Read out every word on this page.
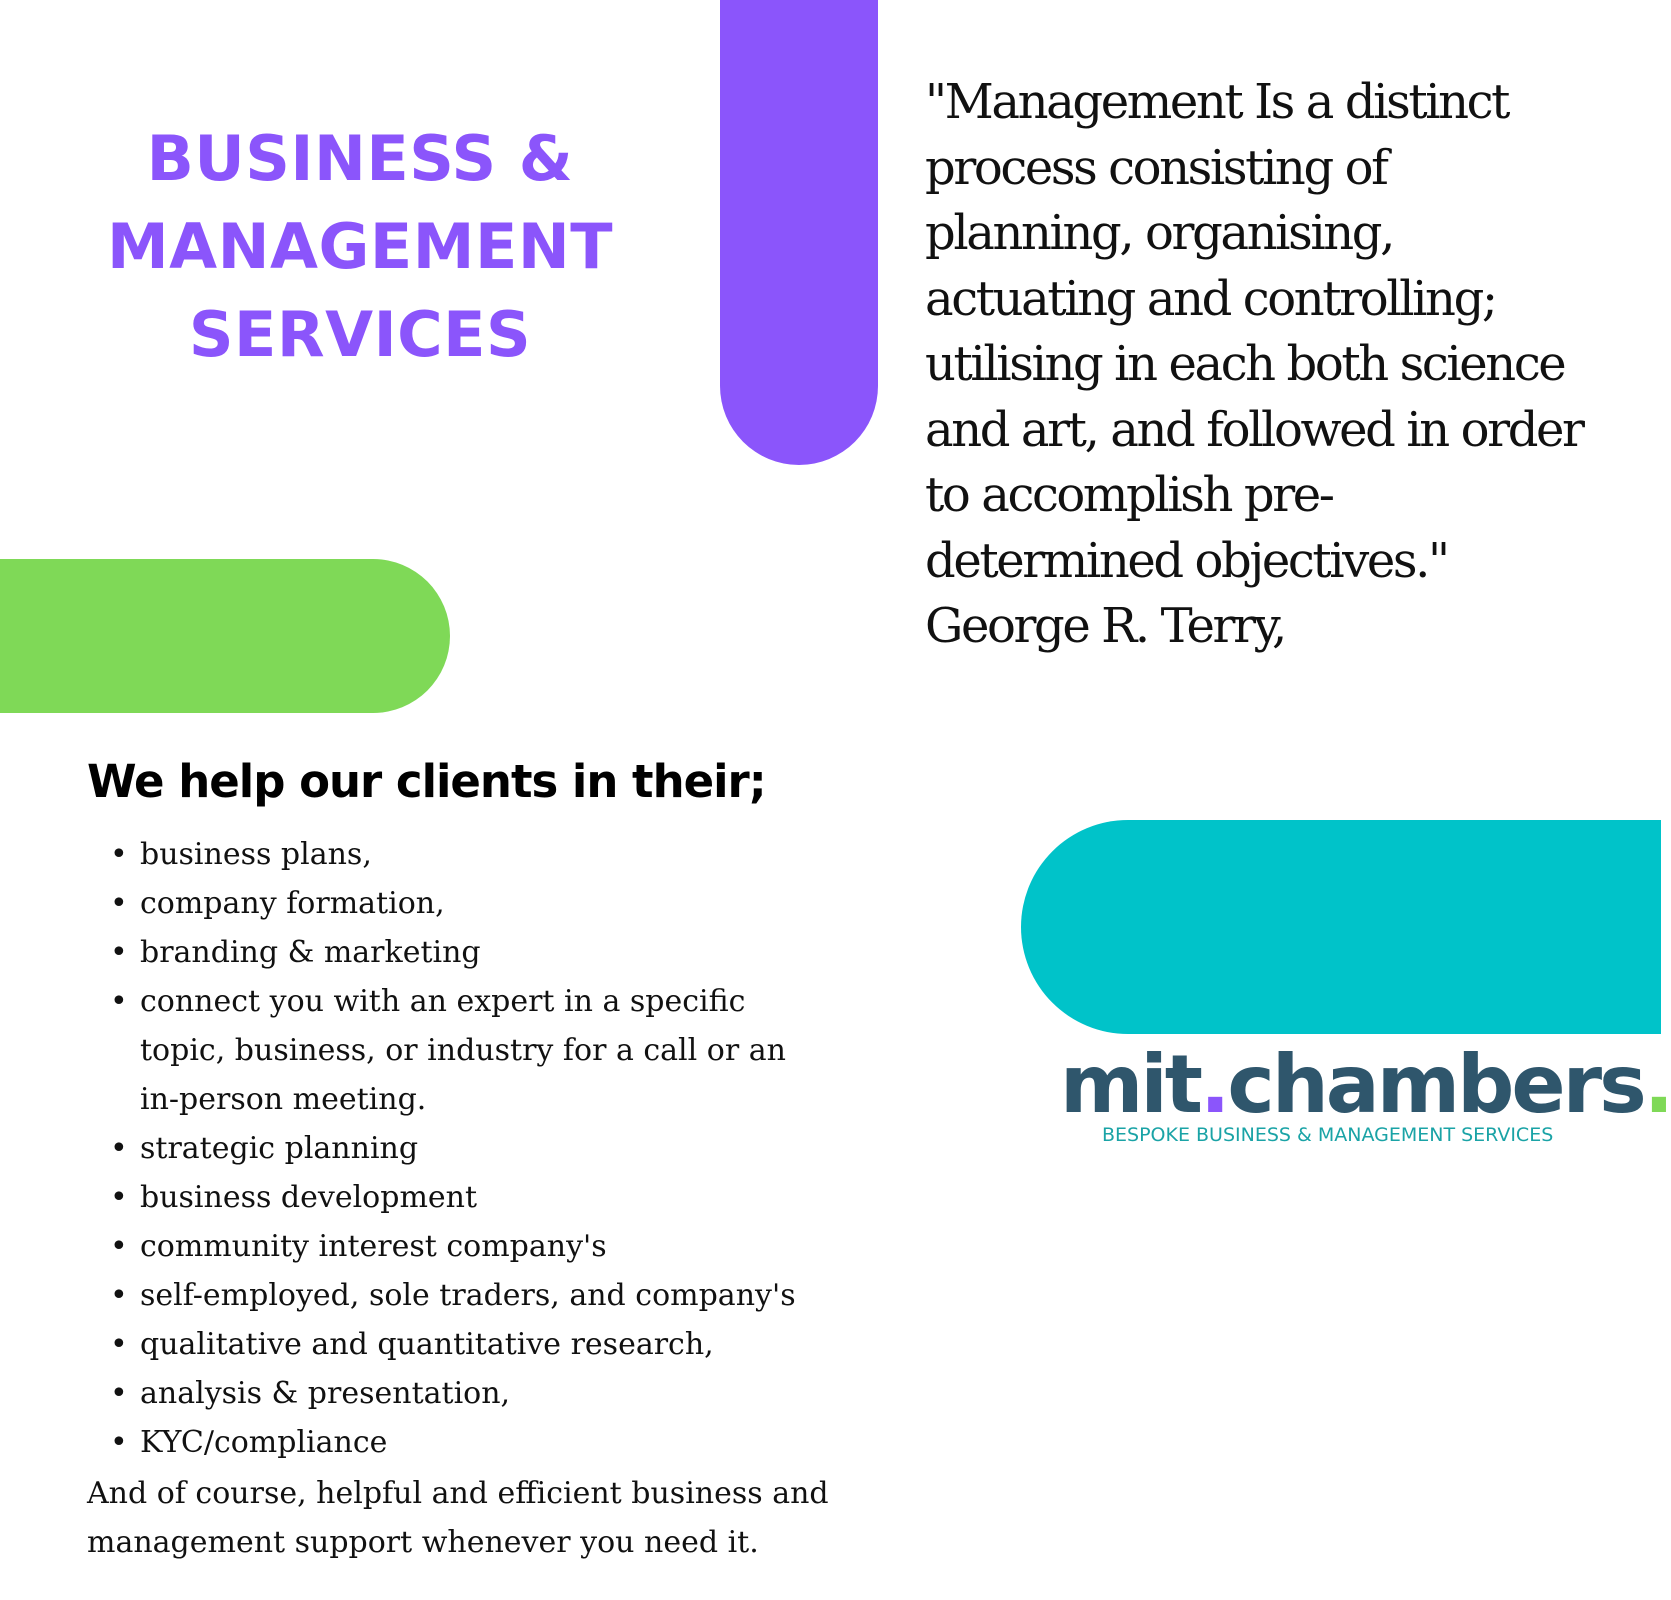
BUSINESS &
MANAGEMENT
SERVICES
"Management Is a distinct
process consisting of
planning, organising,
actuating and controlling;
utilising in each both science
and art, and followed in order
to accomplish pre-
determined objectives."
George R. Terry,
We help our clients in their;
• business plans,
• company formation,
• branding & marketing
• connect you with an expert in a specific
topic, business, or industry for a call or an
in-person meeting.
• strategic planning
• business development
• community interest company's
• self-employed, sole traders, and company's
• qualitative and quantitative research,
• analysis & presentation,
• KYC/compliance

And of course, helpful and efficient business and
management support whenever you need it.

mit.chambers.
BESPOKE BUSINESS & MANAGEMENT SERVICES
